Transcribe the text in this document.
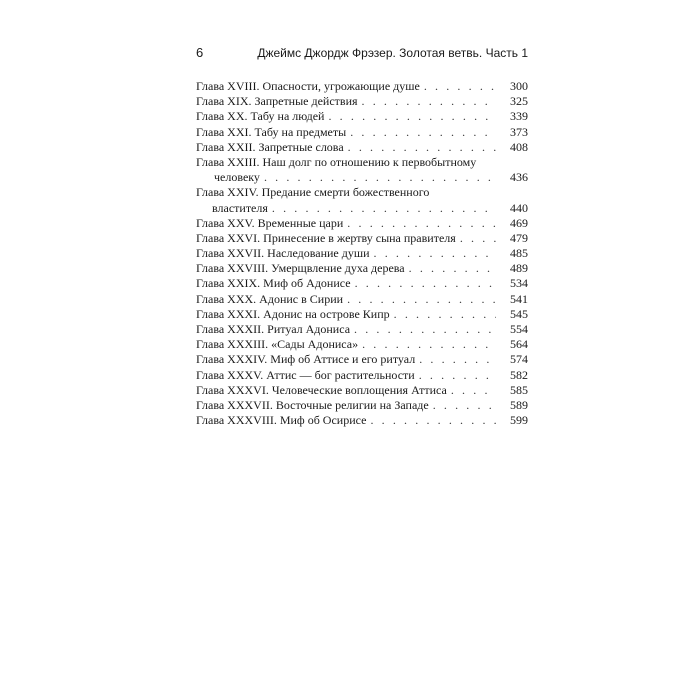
6	Джеймс Джордж Фрэзер. Золотая ветвь. Часть 1
Глава XVIII. Опасности, угрожающие душе . . .	300
Глава XIX. Запретные действия . . .	325
Глава XX. Табу на людей . . .	339
Глава XXI. Табу на предметы . . .	373
Глава XXII. Запретные слова . . .	408
Глава XXIII. Наш долг по отношению к первобытному
человеку . . .	436
Глава XXIV. Предание смерти божественного
властителя . . .	440
Глава XXV. Временные цари . . .	469
Глава XXVI. Принесение в жертву сына правителя . . .	479
Глава XXVII. Наследование души . . .	485
Глава XXVIII. Умерщвление духа дерева . . .	489
Глава XXIX. Миф об Адонисе . . .	534
Глава XXX. Адонис в Сирии . . .	541
Глава XXXI. Адонис на острове Кипр . . .	545
Глава XXXII. Ритуал Адониса . . .	554
Глава XXXIII. «Сады Адониса» . . .	564
Глава XXXIV. Миф об Аттисе и его ритуал . . .	574
Глава XXXV. Аттис — бог растительности . . .	582
Глава XXXVI. Человеческие воплощения Аттиса . . .	585
Глава XXXVII. Восточные религии на Западе . . .	589
Глава XXXVIII. Миф об Осирисе . . .	599
